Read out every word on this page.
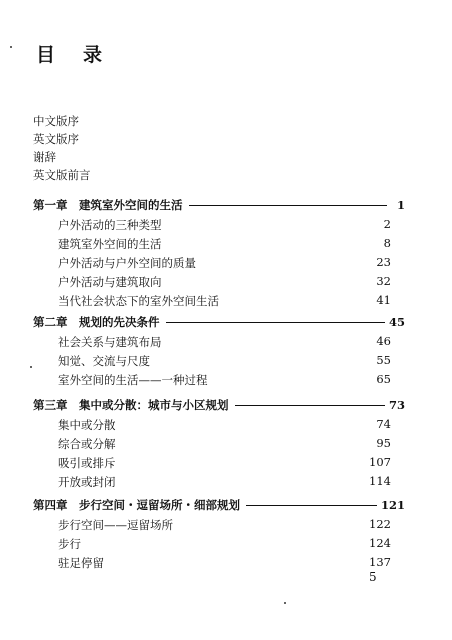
目 录
中文版序
英文版序
谢辞
英文版前言
第一章　建筑室外空间的生活	1
户外活动的三种类型	2
建筑室外空间的生活	8
户外活动与户外空间的质量	23
户外活动与建筑取向	32
当代社会状态下的室外空间生活	41
第二章　规划的先决条件	45
社会关系与建筑布局	46
知觉、交流与尺度	55
室外空间的生活——一种过程	65
第三章　集中或分散：城市与小区规划	73
集中或分散	74
综合或分解	95
吸引或排斥	107
开放或封闭	114
第四章　步行空间・逗留场所・细部规划	121
步行空间——逗留场所	122
步行	124
驻足停留	137
5
